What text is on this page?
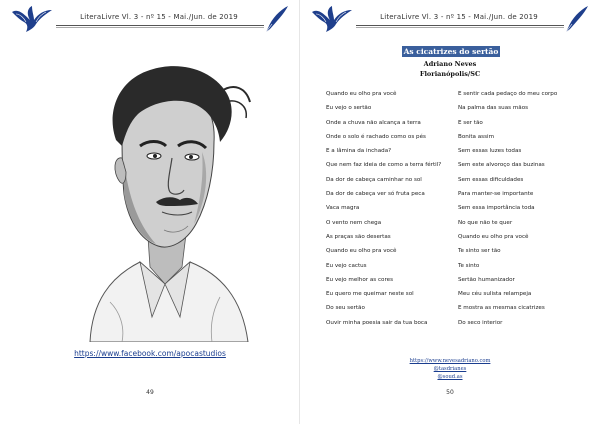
LiteraLivre Vl. 3 - nº 15 - Mai./Jun. de 2019
https://www.facebook.com/apocastudios
49
LiteraLivre Vl. 3 - nº 15 - Mai./Jun. de 2019
As cicatrizes do sertão
Adriano Neves
Florianópolis/SC
Quando eu olho pra você
Eu vejo o sertão
Onde a chuva não alcança a terra
Onde o solo é rachado como os pés
E a lâmina da inchada?
Que nem faz ideia de como a terra fértil?
Da dor de cabeça caminhar no sol
Da dor de cabeça ver só fruta peca
Vaca magra
O vento nem chega
As praças são desertas
Quando eu olho pra você
Eu vejo cactus
Eu vejo melhor as cores
Eu quero me queimar neste sol
Do seu sertão
Ouvir minha poesia sair da tua boca
E sentir cada pedaço do meu corpo
Na palma das suas mãos
E ser tão
Bonita assim
Sem essas luzes todas
Sem este alvoroço das buzinas
Sem essas dificuldades
Para manter-se importante
Sem essa importância toda
No que não te quer
Quando eu olho pra você
Te sinto ser tão
Te sinto
Sertão humanizador
Meu céu sulista relampeja
E mostra as mesmas cicatrizes
Do seco interior
https://www.nevesadriano.com
@tasdrianes
@soud.as
50
